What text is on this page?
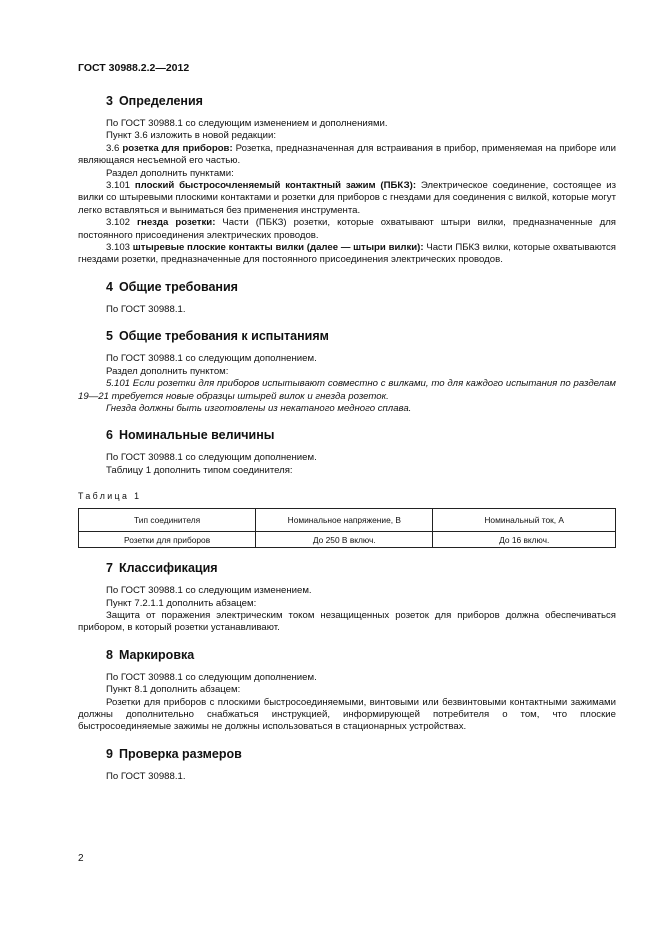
ГОСТ 30988.2.2—2012
3 Определения

По ГОСТ 30988.1 со следующим изменением и дополнениями.

Пункт 3.6 изложить в новой редакции:

3.6 розетка для приборов: Розетка, предназначенная для встраивания в прибор, применяемая на приборе или являющаяся несъемной его частью.

Раздел дополнить пунктами:

3.101 плоский быстросочленяемый контактный зажим (ПБКЗ): Электрическое соединение, состоящее из вилки со штыревыми плоскими контактами и розетки для приборов с гнездами для соединения с вилкой, которые могут легко вставляться и выниматься без применения инструмента.

3.102 гнезда розетки: Части (ПБКЗ) розетки, которые охватывают штыри вилки, предназначенные для постоянного присоединения электрических проводов.

3.103 штыревые плоские контакты вилки (далее — штыри вилки): Части ПБКЗ вилки, которые охватываются гнездами розетки, предназначенные для постоянного присоединения электрических проводов.

4 Общие требования

По ГОСТ 30988.1.

5 Общие требования к испытаниям

По ГОСТ 30988.1 со следующим дополнением.

Раздел дополнить пунктом:

5.101 Если розетки для приборов испытывают совместно с вилками, то для каждого испытания по разделам 19—21 требуется новые образцы штырей вилок и гнезда розеток.

Гнезда должны быть изготовлены из некатаного медного сплава.

6 Номинальные величины

По ГОСТ 30988.1 со следующим дополнением.

Таблицу 1 дополнить типом соединителя:

Таблица 1
Тип соединителя	Номинальное напряжение, В	Номинальный ток, А
Розетки для приборов	До 250 В включ.	До 16 включ.
7 Классификация

По ГОСТ 30988.1 со следующим изменением.

Пункт 7.2.1.1 дополнить абзацем:

Защита от поражения электрическим током незащищенных розеток для приборов должна обеспечиваться прибором, в который розетки устанавливают.

8 Маркировка

По ГОСТ 30988.1 со следующим дополнением.

Пункт 8.1 дополнить абзацем:

Розетки для приборов с плоскими быстросоединяемыми, винтовыми или безвинтовыми контактными зажимами должны дополнительно снабжаться инструкцией, информирующей потребителя о том, что плоские быстросоединяемые зажимы не должны использоваться в стационарных устройствах.

9 Проверка размеров

По ГОСТ 30988.1.

2
